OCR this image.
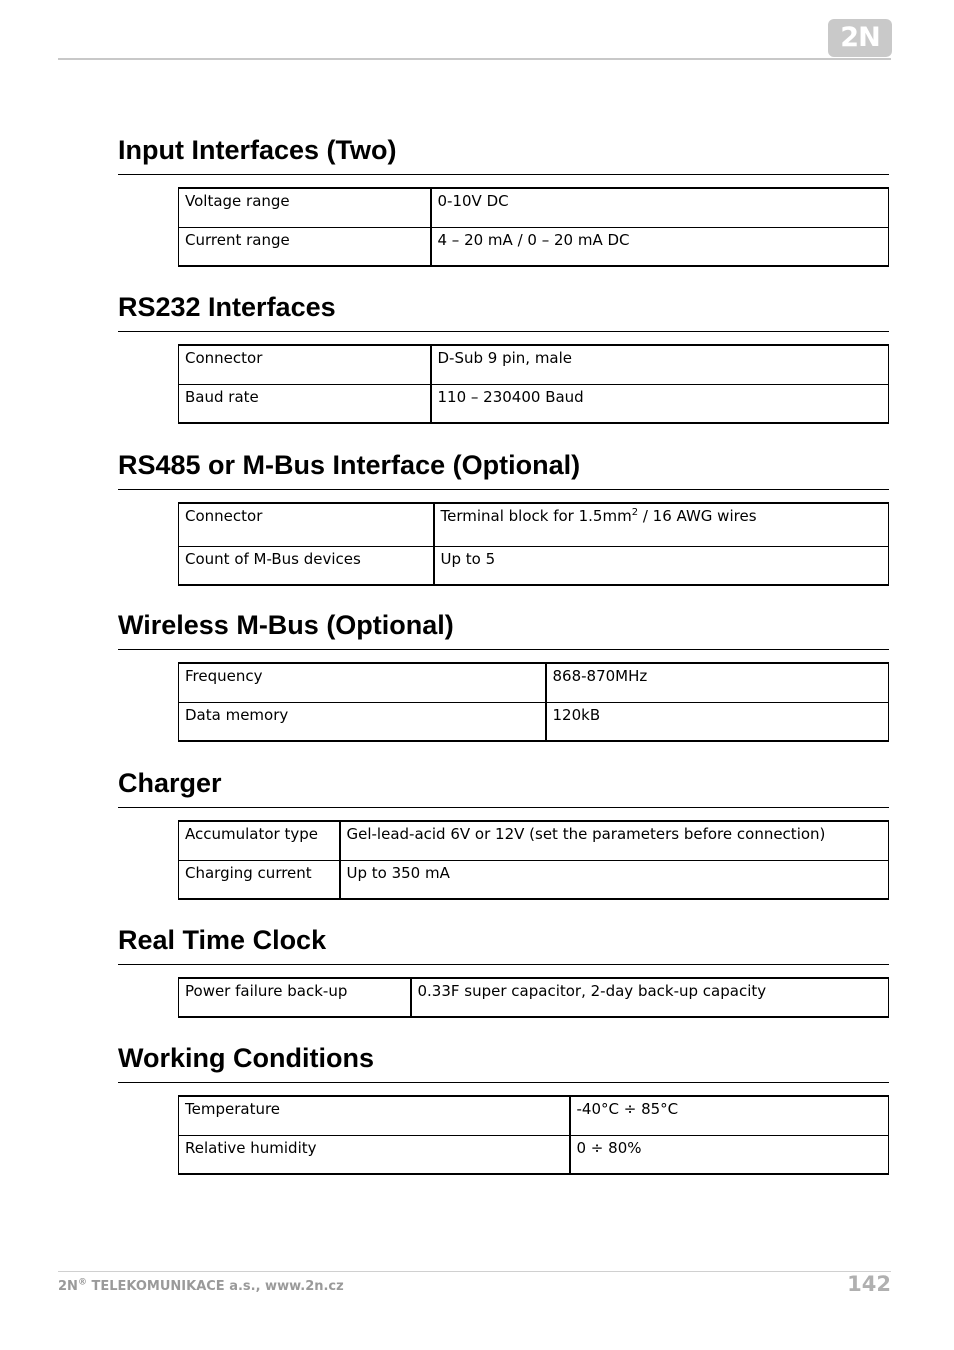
2N
Input Interfaces (Two)
Voltage range	0-10V DC
Current range	4 – 20 mA / 0 – 20 mA DC
RS232 Interfaces
Connector	D-Sub 9 pin, male
Baud rate	110 – 230400 Baud
RS485 or M-Bus Interface (Optional)
Connector	Terminal block for $1.5mm^2 / 16$ AWG wires
Count of M-Bus devices	Up to 5
Wireless M-Bus (Optional)
Frequency	868-870MHz
Data memory	120kB
Charger
Accumulator type	Gel-lead-acid 6V or 12V (set the parameters before connection)
Charging current	Up to 350 mA
Real Time Clock
Power failure back-up	0.33F super capacitor, 2-day back-up capacity
Working Conditions
Temperature	-40°C ÷ 85°C
Relative humidity	0 ÷ 80%
2N® TELEKOMUNIKACE a.s., www.2n.cz	142
